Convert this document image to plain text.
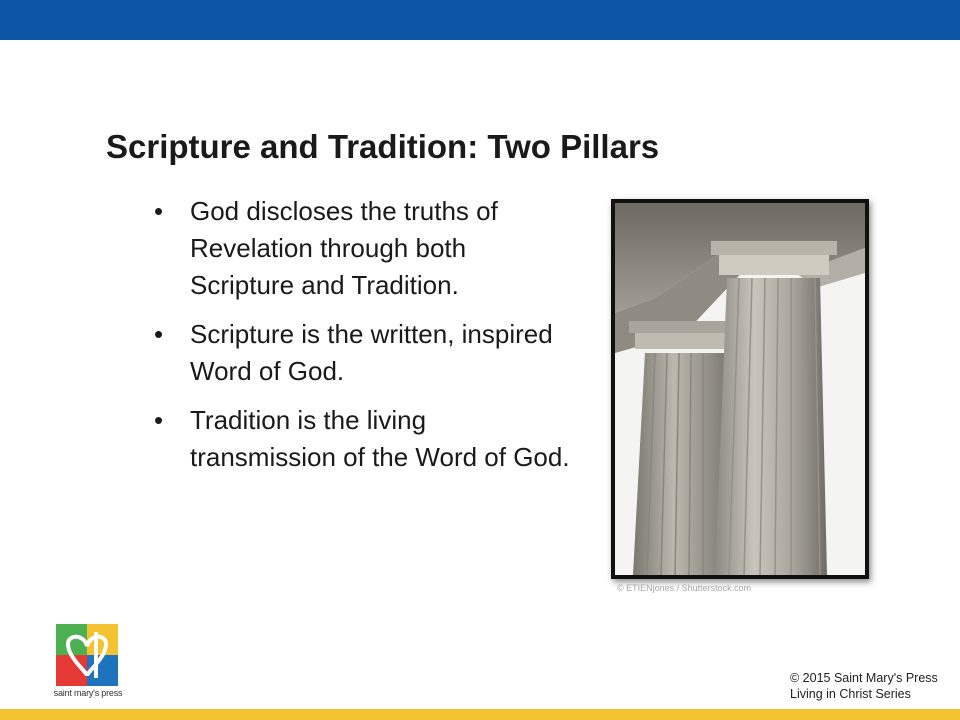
Scripture and Tradition: Two Pillars
• God discloses the truths of Revelation through both Scripture and Tradition.
• Scripture is the written, inspired Word of God.
• Tradition is the living transmission of the Word of God.
© ETIENjones / Shutterstock.com
saint mary's press
© 2015 Saint Mary's Press
Living in Christ Series
